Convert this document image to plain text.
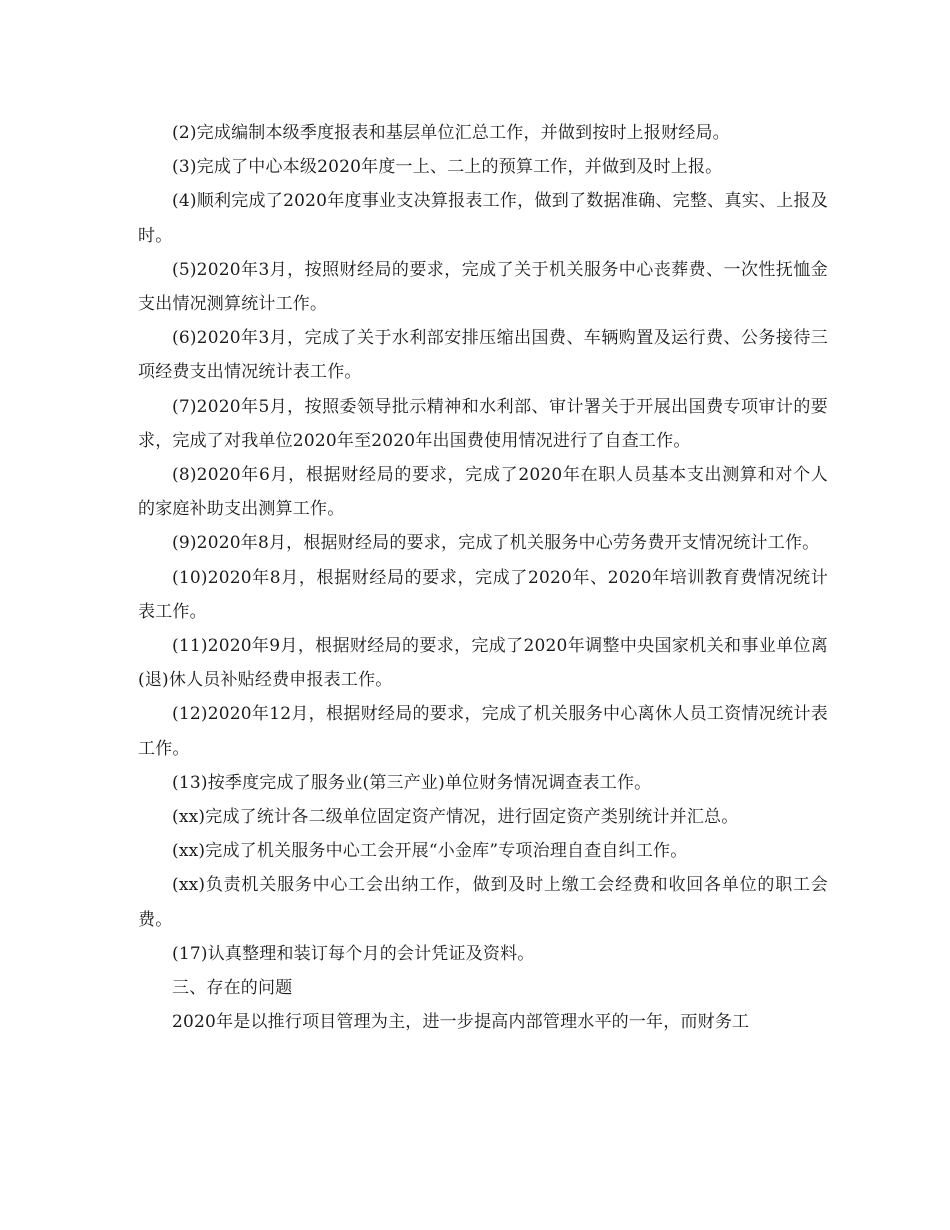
(2)完成编制本级季度报表和基层单位汇总工作，并做到按时上报财经局。

(3)完成了中心本级2020年度一上、二上的预算工作，并做到及时上报。

(4)顺利完成了2020年度事业支决算报表工作，做到了数据准确、完整、真实、上报及时。

(5)2020年3月，按照财经局的要求，完成了关于机关服务中心丧葬费、一次性抚恤金支出情况测算统计工作。

(6)2020年3月，完成了关于水利部安排压缩出国费、车辆购置及运行费、公务接待三项经费支出情况统计表工作。

(7)2020年5月，按照委领导批示精神和水利部、审计署关于开展出国费专项审计的要求，完成了对我单位2020年至2020年出国费使用情况进行了自查工作。

(8)2020年6月，根据财经局的要求，完成了2020年在职人员基本支出测算和对个人的家庭补助支出测算工作。

(9)2020年8月，根据财经局的要求，完成了机关服务中心劳务费开支情况统计工作。

(10)2020年8月，根据财经局的要求，完成了2020年、2020年培训教育费情况统计表工作。

(11)2020年9月，根据财经局的要求，完成了2020年调整中央国家机关和事业单位离(退)休人员补贴经费申报表工作。

(12)2020年12月，根据财经局的要求，完成了机关服务中心离休人员工资情况统计表工作。

(13)按季度完成了服务业(第三产业)单位财务情况调查表工作。

(xx)完成了统计各二级单位固定资产情况，进行固定资产类别统计并汇总。

(xx)完成了机关服务中心工会开展“小金库”专项治理自查自纠工作。

(xx)负责机关服务中心工会出纳工作，做到及时上缴工会经费和收回各单位的职工会费。

(17)认真整理和装订每个月的会计凭证及资料。

三、存在的问题

2020年是以推行项目管理为主，进一步提高内部管理水平的一年，而财务工
